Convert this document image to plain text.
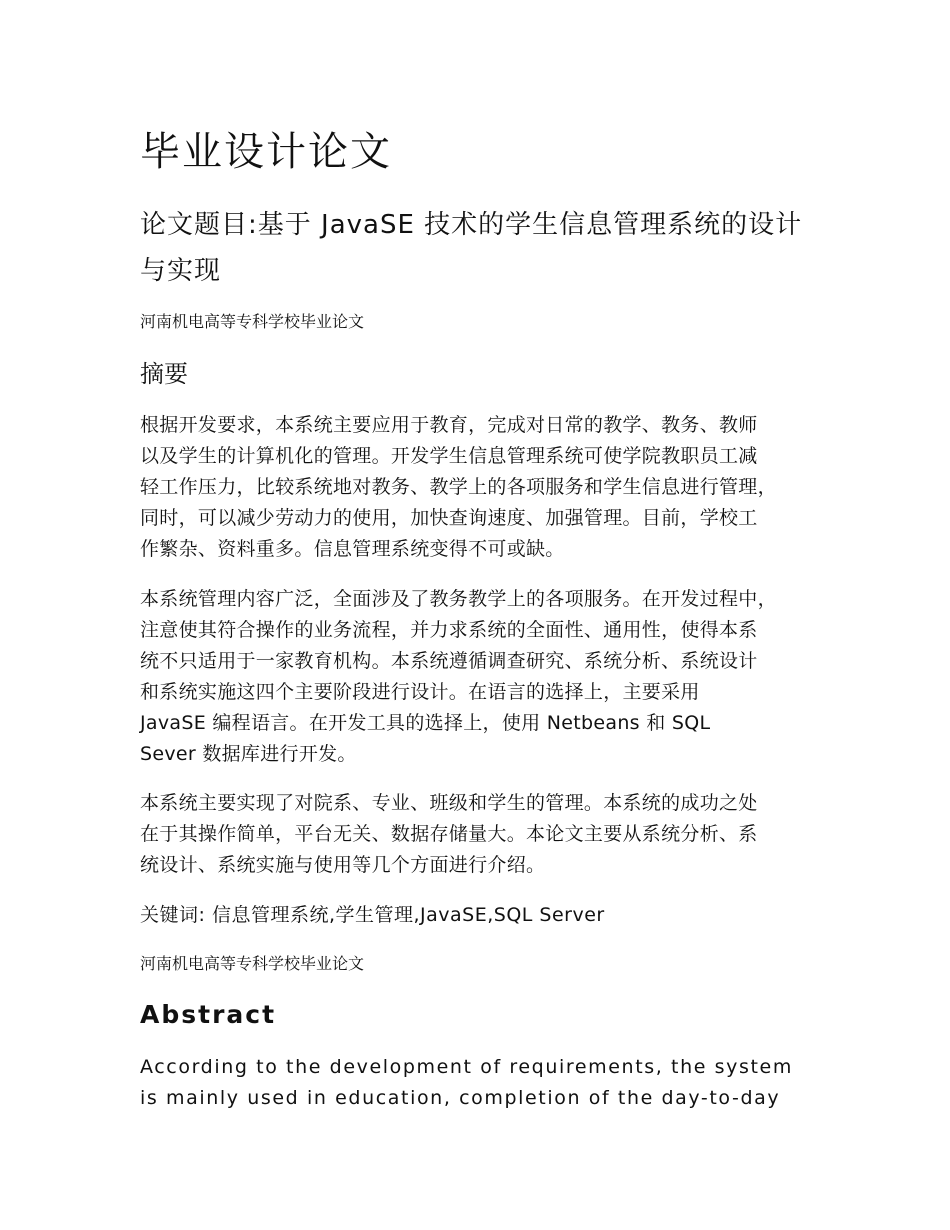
毕业设计论文
论文题目:基于 JavaSE 技术的学生信息管理系统的设计
与实现
河南机电高等专科学校毕业论文
摘要
根据开发要求，本系统主要应用于教育，完成对日常的教学、教务、教师
以及学生的计算机化的管理。开发学生信息管理系统可使学院教职员工减
轻工作压力，比较系统地对教务、教学上的各项服务和学生信息进行管理，
同时，可以减少劳动力的使用，加快查询速度、加强管理。目前，学校工
作繁杂、资料重多。信息管理系统变得不可或缺。
本系统管理内容广泛，全面涉及了教务教学上的各项服务。在开发过程中，
注意使其符合操作的业务流程，并力求系统的全面性、通用性，使得本系
统不只适用于一家教育机构。本系统遵循调查研究、系统分析、系统设计
和系统实施这四个主要阶段进行设计。在语言的选择上，主要采用
JavaSE 编程语言。在开发工具的选择上，使用 Netbeans 和 SQL
Sever 数据库进行开发。
本系统主要实现了对院系、专业、班级和学生的管理。本系统的成功之处
在于其操作简单，平台无关、数据存储量大。本论文主要从系统分析、系
统设计、系统实施与使用等几个方面进行介绍。
关键词: 信息管理系统,学生管理,JavaSE,SQL Server
河南机电高等专科学校毕业论文
Abstract
According to the development of requirements, the system
is mainly used in education, completion of the day-to-day
